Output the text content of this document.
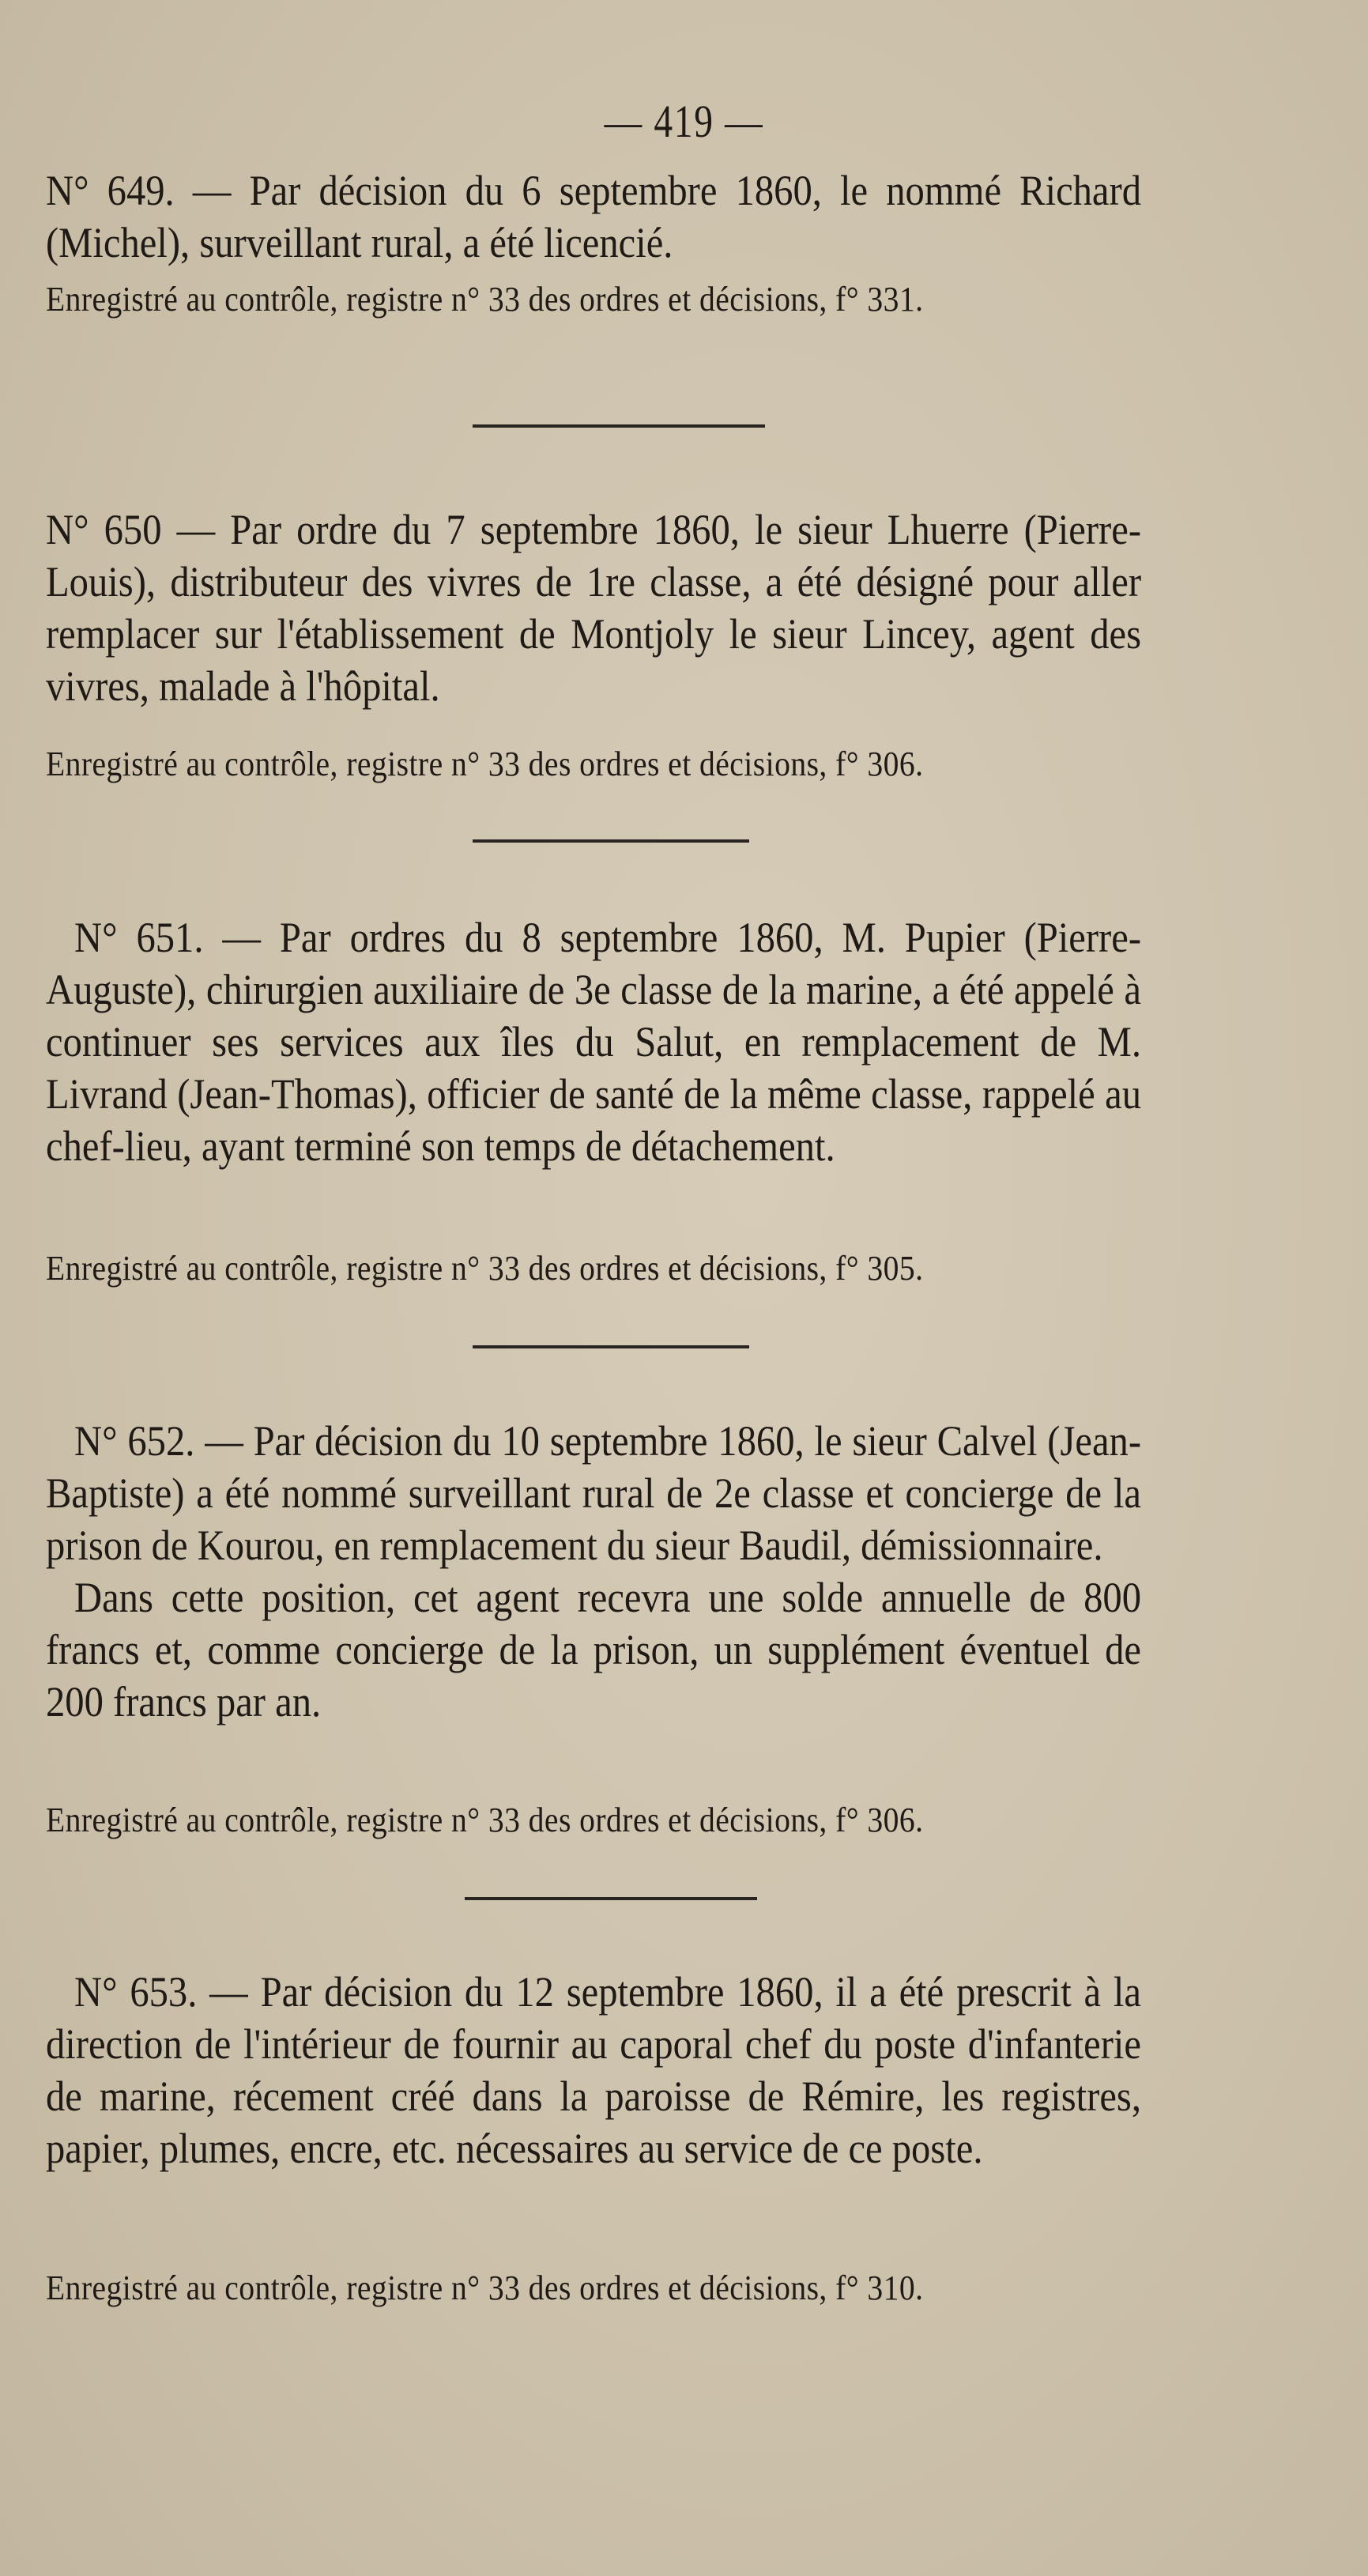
— 419 —

N° 649. — Par décision du 6 septembre 1860, le nommé Richard (Michel), surveillant rural, a été licencié.

Enregistré au contrôle, registre n° 33 des ordres et décisions, f° 331.

N° 650 — Par ordre du 7 septembre 1860, le sieur Lhuerre (Pierre-Louis), distributeur des vivres de 1re classe, a été désigné pour aller remplacer sur l'établissement de Montjoly le sieur Lincey, agent des vivres, malade à l'hôpital.

Enregistré au contrôle, registre n° 33 des ordres et décisions, f° 306.

N° 651. — Par ordres du 8 septembre 1860, M. Pupier (Pierre-Auguste), chirurgien auxiliaire de 3e classe de la marine, a été appelé à continuer ses services aux îles du Salut, en remplacement de M. Livrand (Jean-Thomas), officier de santé de la même classe, rappelé au chef-lieu, ayant terminé son temps de détachement.

Enregistré au contrôle, registre n° 33 des ordres et décisions, f° 305.

N° 652. — Par décision du 10 septembre 1860, le sieur Calvel (Jean-Baptiste) a été nommé surveillant rural de 2e classe et concierge de la prison de Kourou, en remplacement du sieur Baudil, démissionnaire.

Dans cette position, cet agent recevra une solde annuelle de 800 francs et, comme concierge de la prison, un supplément éventuel de 200 francs par an.

Enregistré au contrôle, registre n° 33 des ordres et décisions, f° 306.

N° 653. — Par décision du 12 septembre 1860, il a été prescrit à la direction de l'intérieur de fournir au caporal chef du poste d'infanterie de marine, récement créé dans la paroisse de Rémire, les registres, papier, plumes, encre, etc. nécessaires au service de ce poste.

Enregistré au contrôle, registre n° 33 des ordres et décisions, f° 310.
